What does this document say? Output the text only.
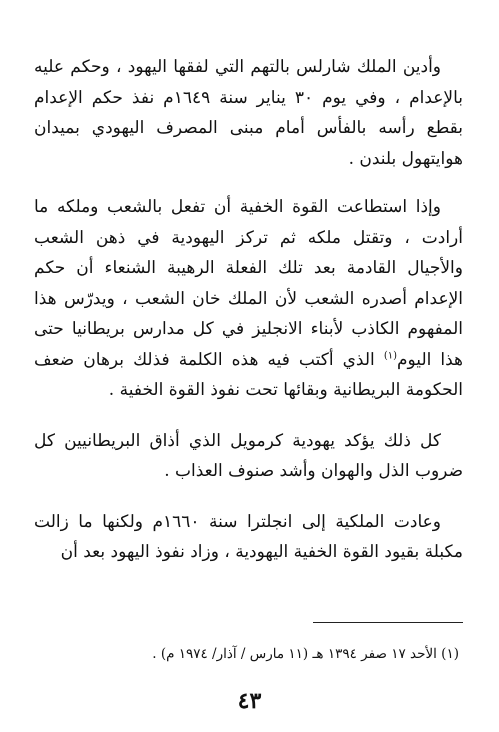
وأدين الملك شارلس بالتهم التي لفقها اليهود ، وحكم عليه بالإعدام ، وفي يوم ٣٠ يناير سنة ١٦٤٩م نفذ حكم الإعدام بقطع رأسه بالفأس أمام مبنى المصرف اليهودي بميدان هوايتهول بلندن .

وإذا استطاعت القوة الخفية أن تفعل بالشعب وملكه ما أرادت ، وتقتل ملكه ثم تركز اليهودية في ذهن الشعب والأجيال القادمة بعد تلك الفعلة الرهيبة الشنعاء أن حكم الإعدام أصدره الشعب لأن الملك خان الشعب ، ويدرّس هذا المفهوم الكاذب لأبناء الانجليز في كل مدارس بريطانيا حتى هذا اليوم$^{(١)}$ الذي أكتب فيه هذه الكلمة فذلك برهان ضعف الحكومة البريطانية وبقائها تحت نفوذ القوة الخفية .

كل ذلك يؤكد يهودية كرمويل الذي أذاق البريطانيين كل ضروب الذل والهوان وأشد صنوف العذاب .

وعادت الملكية إلى انجلترا سنة ١٦٦٠م ولكنها ما زالت مكبلة بقيود القوة الخفية اليهودية ، وزاد نفوذ اليهود بعد أن

(١) الأحد ١٧ صفر ١٣٩٤ هـ (١١ مارس / آذار/ ١٩٧٤ م) .
٤٣
